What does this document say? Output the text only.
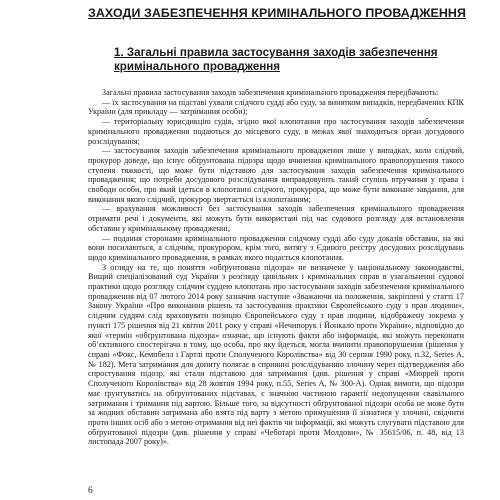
ЗАХОДИ ЗАБЕЗПЕЧЕННЯ КРИМІНАЛЬНОГО ПРОВАДЖЕННЯ
1. Загальні правила застосування заходів забезпечення кримінального провадження

Загальні правила застосування заходів забезпечення кримінального провадження передбачають:

— їх застосування на підставі ухвали слідчого судді або суду, за винятком випадків, передбачених КПК України (для прикладу — затримання особи);

— територіальну юрисдикцію судів, згідно якої клопотання про застосування заходів забезпечення кримінального провадження подаються до місцевого суду, в межах якої знаходиться орган досудового розслідування;

— застосування заходів забезпечення кримінального провадження лише у випадках, коли слідчий, прокурор доведе, що існує обґрунтована підозра щодо вчинення кримінального правопорушення такого ступеня тяжкості, що може бути підставою для застосування заходів забезпечення кримінального провадження; що потреби досудового розслідування виправдовують такий ступінь втручання у права і свободи особи, про який ідеться в клопотанні слідчого, прокурора, що може бути виконане завдання, для виконання якого слідчий, прокурор звертається із клопотанням;

— врахування можливості без застосування заходів забезпечення кримінального провадження отримати речі і документи, які можуть бути використані під час судового розгляду для встановлення обставин у кримінальному провадженні;

— подання сторонами кримінального провадження слідчому судді або суду доказів обставин, на які вони посилаються, а слідчим, прокурором, крім того, витягу з Єдиного реєстру досудових розслідувань щодо кримінального провадження, в рамках якого подається клопотання.

З огляду на те, що поняття «обґрунтована підозра» не визначене у національному законодавстві, Вищий спеціалізований суд України з розгляду цивільних і кримінальних справ в узагальненні судової практики щодо розгляду слідчим суддею клопотань про застосування заходів забезпечення кримінального провадження від 07 лютого 2014 року зазначив наступне «Зважаючи на положення, закріплені у статті 17 Закону України «Про виконання рішень та застосування практики Європейського суду з прав людини», слідчим суддям слід враховувати позицію Європейського суду з прав людини, відображену зокрема у пункті 175 рішення від 21 квітня 2011 року у справі «Нечипорук і Йонкало проти України», відповідно до якої «термін «обґрунтована підозра» означає, що існують факти або інформація, які можуть переконати об’єктивного спостерігача в тому, що особа, про яку йдеться, могла вчинити правопорушення (рішення у справі «Фокс, Кемпбелл і Гартлі проти Сполученого Королівства» від 30 серпня 1990 року, п.32, Series A, № 182). Мета затримання для допиту полягає в сприянні розслідуванню злочину через підтвердження або спростування підозр, які стали підставою для затримання (див. рішення у справі «Мюррей проти Сполученого Королівства» від 28 жовтня 1994 року, п.55, Series A, № 300-A). Однак вимоги, що підозри має ґрунтуватись на обґрунтованих підставах, є значною частиною гарантії недопущення свавільного затримання і тримання під вартою. Більше того, за відсутності обґрунтованої підозри особа не може бути за жодних обставин затримана або взята під варту з метою примушення її зізнатися у злочині, свідчити проти інших осіб або з метою отримання від неї фактів чи інформації, які можуть слугувати підставою для обґрунтованої підозри (див. рішення у справі «Чеботарі проти Молдови», № 35615/06, п. 48, від 13 листопада 2007 року)».

6
